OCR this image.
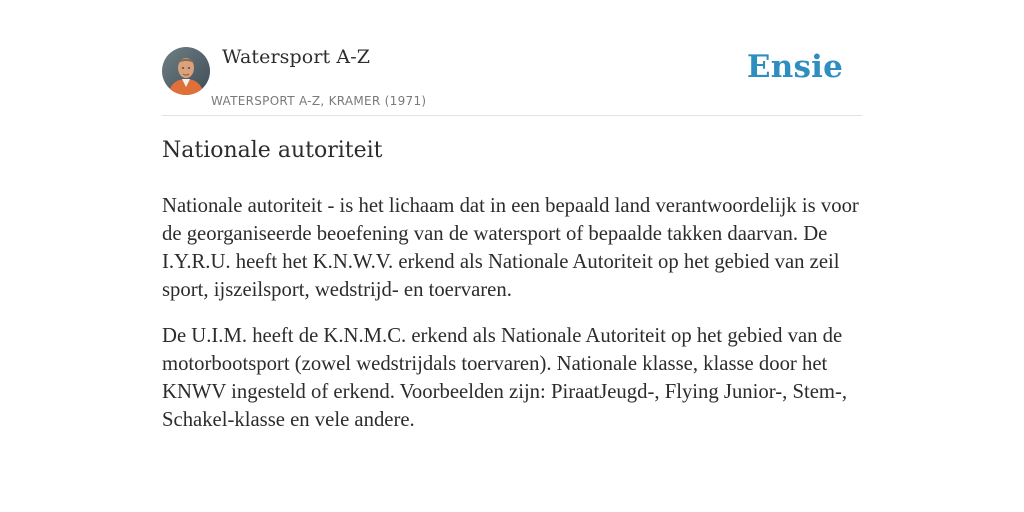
Watersport A-Z
WATERSPORT A-Z, KRAMER (1971)
Ensie
Nationale autoriteit

Nationale autoriteit - is het lichaam dat in een bepaald land verantwoordelijk is voor de georganiseerde beoefening van de watersport of bepaalde takken daarvan. De I.Y.R.U. heeft het K.N.W.V. erkend als Nationale Autoriteit op het gebied van zeil sport, ijszeilsport, wedstrijd- en toervaren.

De U.I.M. heeft de K.N.M.C. erkend als Nationale Autoriteit op het gebied van de motorbootsport (zowel wedstrijdals toervaren). Nationale klasse, klasse door het KNWV ingesteld of erkend. Voorbeelden zijn: PiraatJeugd-, Flying Junior-, Stem-, Schakel-klasse en vele andere.
